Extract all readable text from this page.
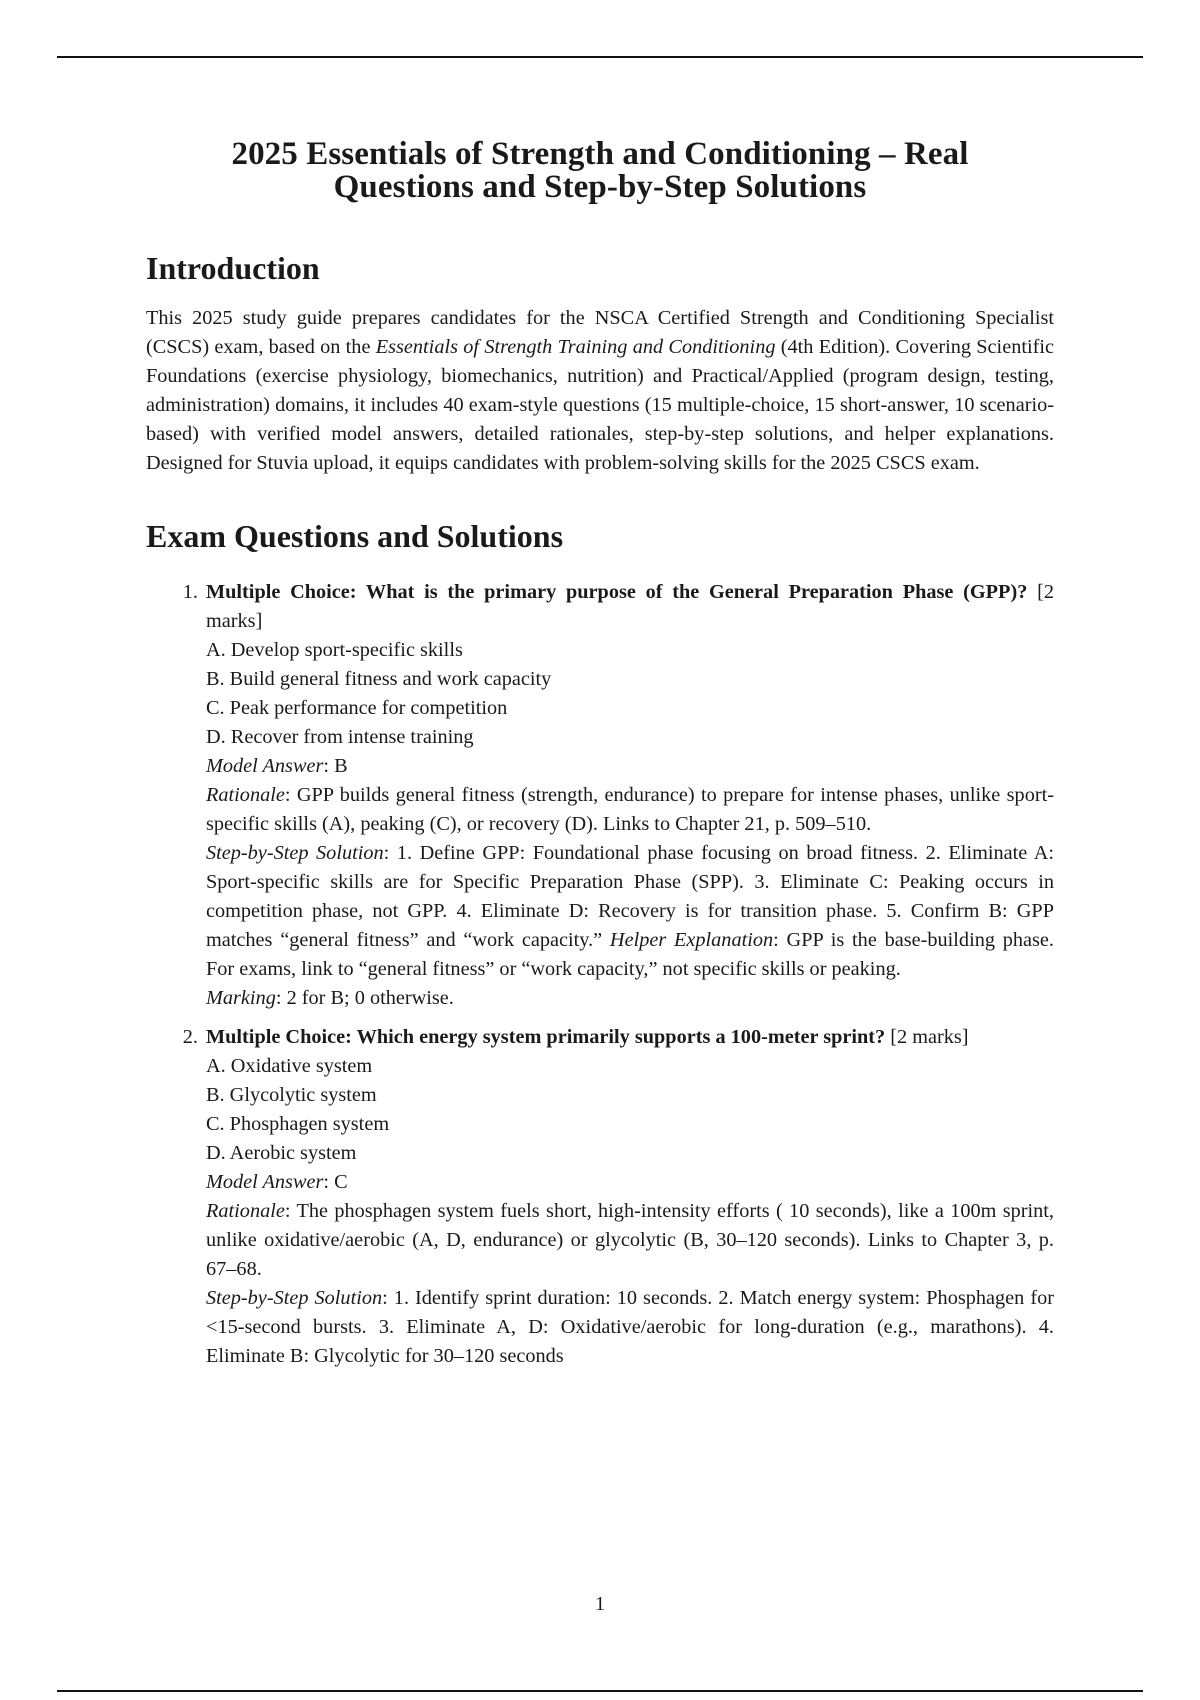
2025 Essentials of Strength and Conditioning – Real
Questions and Step-by-Step Solutions
Introduction

This 2025 study guide prepares candidates for the NSCA Certified Strength and Conditioning Specialist (CSCS) exam, based on the Essentials of Strength Training and Conditioning (4th Edition). Covering Scientific Foundations (exercise physiology, biomechanics, nutrition) and Practical/Applied (program design, testing, administration) domains, it includes 40 exam-style questions (15 multiple-choice, 15 short-answer, 10 scenario-based) with verified model answers, detailed rationales, step-by-step solutions, and helper explanations. Designed for Stuvia upload, it equips candidates with problem-solving skills for the 2025 CSCS exam.

Exam Questions and Solutions
1. Multiple Choice: What is the primary purpose of the General Preparation Phase (GPP)? [2 marks]
A. Develop sport-specific skills
B. Build general fitness and work capacity
C. Peak performance for competition
D. Recover from intense training
Model Answer: B
Rationale: GPP builds general fitness (strength, endurance) to prepare for intense phases, unlike sport-specific skills (A), peaking (C), or recovery (D). Links to Chapter 21, p. 509–510.
Step-by-Step Solution: 1. Define GPP: Foundational phase focusing on broad fitness. 2. Eliminate A: Sport-specific skills are for Specific Preparation Phase (SPP). 3. Eliminate C: Peaking occurs in competition phase, not GPP. 4. Eliminate D: Recovery is for transition phase. 5. Confirm B: GPP matches “general fitness” and “work capacity.” Helper Explanation: GPP is the base-building phase. For exams, link to “general fitness” or “work capacity,” not specific skills or peaking.
Marking: 2 for B; 0 otherwise.
2. Multiple Choice: Which energy system primarily supports a 100-meter sprint? [2 marks]
A. Oxidative system
B. Glycolytic system
C. Phosphagen system
D. Aerobic system
Model Answer: C
Rationale: The phosphagen system fuels short, high-intensity efforts ( 10 seconds), like a 100m sprint, unlike oxidative/aerobic (A, D, endurance) or glycolytic (B, 30–120 seconds). Links to Chapter 3, p. 67–68.
Step-by-Step Solution: 1. Identify sprint duration: 10 seconds. 2. Match energy system: Phosphagen for <15-second bursts. 3. Eliminate A, D: Oxidative/aerobic for long-duration (e.g., marathons). 4. Eliminate B: Glycolytic for 30–120 seconds
1
